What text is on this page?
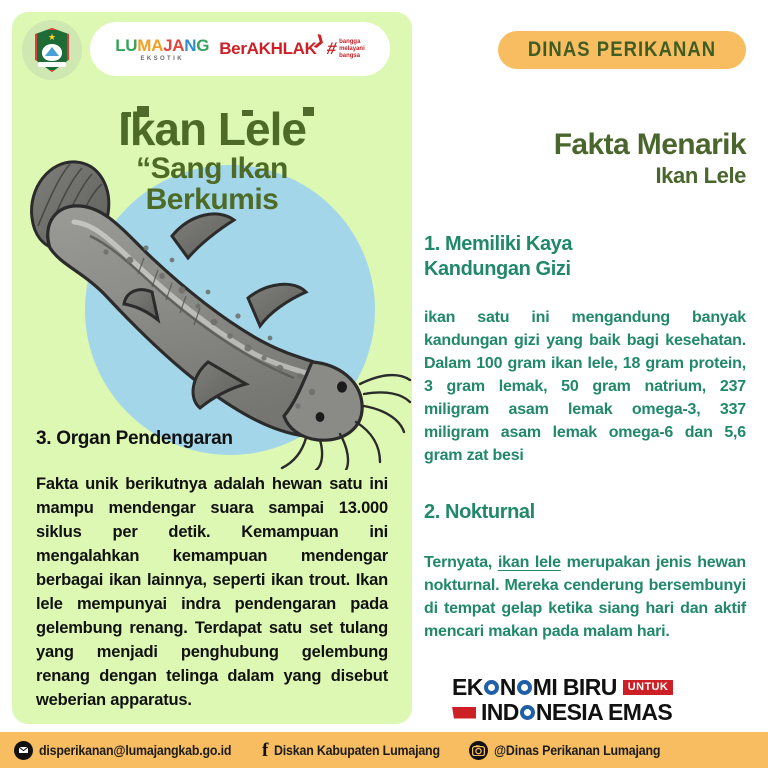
★	LUMAJANG
EKSOTIK
BerAKHLAK
❯
# bangga
melayani
bangsa
Ikan Lele
“Sang Ikan
Berkumis
3. Organ Pendengaran
Fakta unik berikutnya adalah hewan satu ini mampu mendengar suara sampai 13.000 siklus per detik. Kemampuan ini mengalahkan kemampuan mendengar berbagai ikan lainnya, seperti ikan trout. Ikan lele mempunyai indra pendengaran pada gelembung renang. Terdapat satu set tulang yang menjadi penghubung gelembung renang dengan telinga dalam yang disebut weberian apparatus.
DINAS PERIKANAN
Fakta Menarik
Ikan Lele
1. Memiliki Kaya
Kandungan Gizi
ikan satu ini mengandung banyak kandungan gizi yang baik bagi kesehatan. Dalam 100 gram ikan lele, 18 gram protein, 3 gram lemak, 50 gram natrium, 237 miligram asam lemak omega-3, 337 miligram asam lemak omega-6 dan 5,6 gram zat besi
2. Nokturnal
Ternyata, ikan lele merupakan jenis hewan nokturnal. Mereka cenderung bersembunyi di tempat gelap ketika siang hari dan aktif mencari makan pada malam hari.
EK N MI BIRU	UNTUK
IND NESIA EMAS
disperikanan@lumajangkab.go.id f Diskan Kabupaten Lumajang	@Dinas Perikanan Lumajang
